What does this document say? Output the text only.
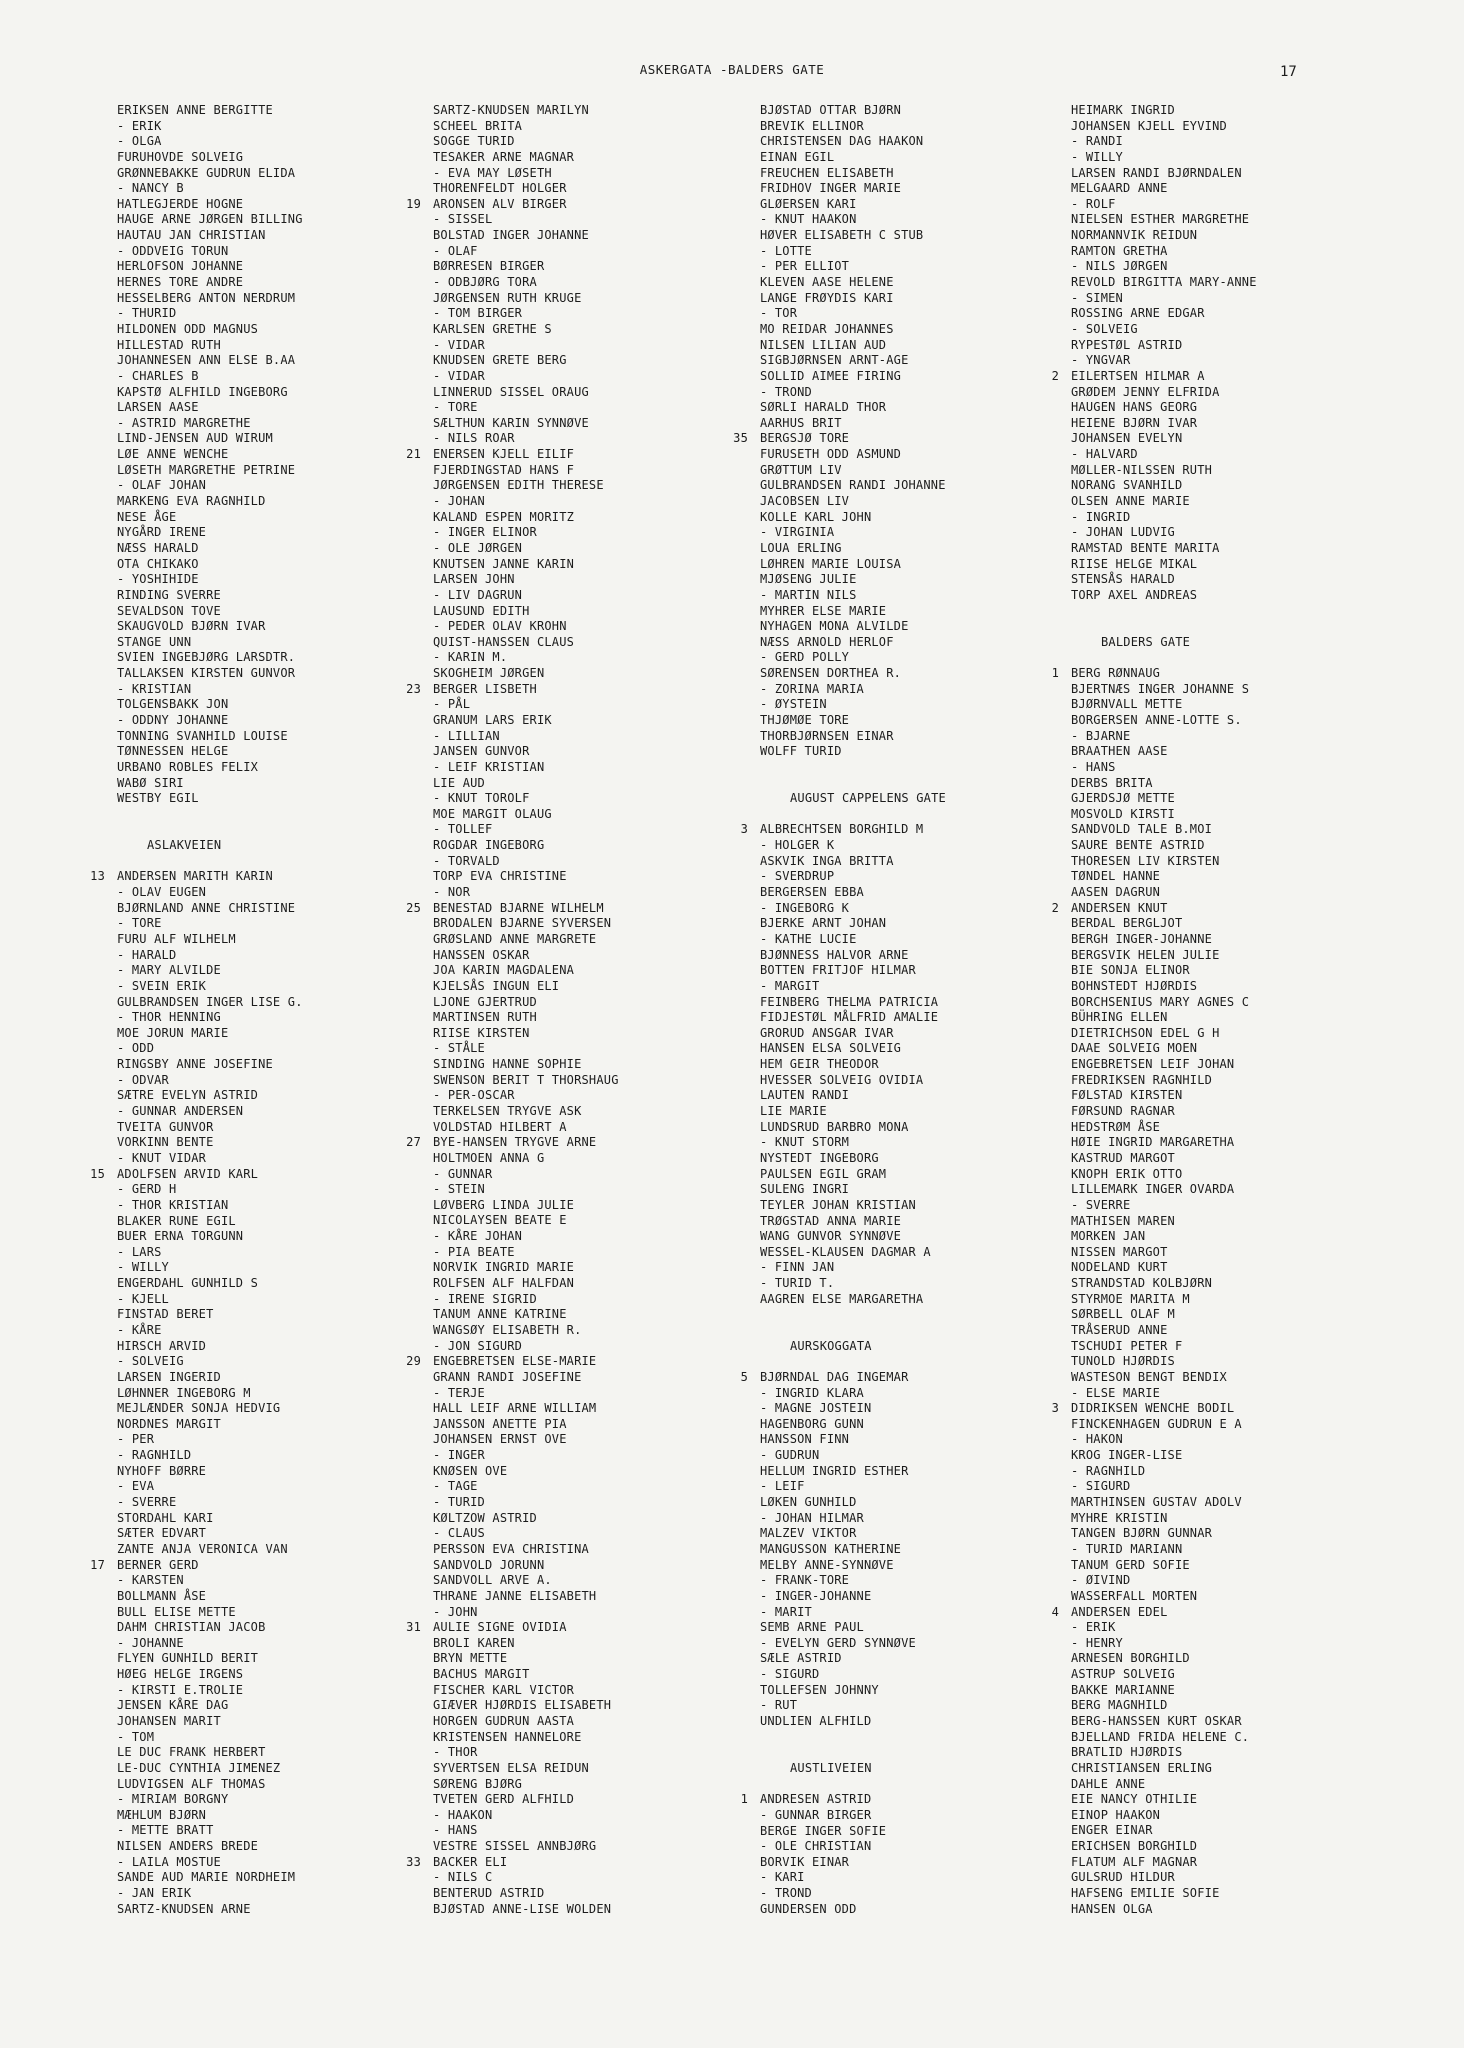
ASKERGATA -BALDERS GATE	17
ERIKSEN ANNE BERGITTE
- ERIK
- OLGA
FURUHOVDE SOLVEIG
GRØNNEBAKKE GUDRUN ELIDA
- NANCY B
HATLEGJERDE HOGNE
HAUGE ARNE JØRGEN BILLING
HAUTAU JAN CHRISTIAN
- ODDVEIG TORUN
HERLOFSON JOHANNE
HERNES TORE ANDRE
HESSELBERG ANTON NERDRUM
- THURID
HILDONEN ODD MAGNUS
HILLESTAD RUTH
JOHANNESEN ANN ELSE B.AA
- CHARLES B
KAPSTØ ALFHILD INGEBORG
LARSEN AASE
- ASTRID MARGRETHE
LIND-JENSEN AUD WIRUM
LØE ANNE WENCHE
LØSETH MARGRETHE PETRINE
- OLAF JOHAN
MARKENG EVA RAGNHILD
NESE ÅGE
NYGÅRD IRENE
NÆSS HARALD
OTA CHIKAKO
- YOSHIHIDE
RINDING SVERRE
SEVALDSON TOVE
SKAUGVOLD BJØRN IVAR
STANGE UNN
SVIEN INGEBJØRG LARSDTR.
TALLAKSEN KIRSTEN GUNVOR
- KRISTIAN
TOLGENSBAKK JON
- ODDNY JOHANNE
TONNING SVANHILD LOUISE
TØNNESSEN HELGE
URBANO ROBLES FELIX
WABØ SIRI
WESTBY EGIL
ASLAKVEIEN
13 ANDERSEN MARITH KARIN
- OLAV EUGEN
BJØRNLAND ANNE CHRISTINE
- TORE
FURU ALF WILHELM
- HARALD
- MARY ALVILDE
- SVEIN ERIK
GULBRANDSEN INGER LISE G.
- THOR HENNING
MOE JORUN MARIE
- ODD
RINGSBY ANNE JOSEFINE
- ODVAR
SÆTRE EVELYN ASTRID
- GUNNAR ANDERSEN
TVEITA GUNVOR
VORKINN BENTE
- KNUT VIDAR
15 ADOLFSEN ARVID KARL
- GERD H
- THOR KRISTIAN
BLAKER RUNE EGIL
BUER ERNA TORGUNN
- LARS
- WILLY
ENGERDAHL GUNHILD S
- KJELL
FINSTAD BERET
- KÅRE
HIRSCH ARVID
- SOLVEIG
LARSEN INGERID
LØHNNER INGEBORG M
MEJLÆNDER SONJA HEDVIG
NORDNES MARGIT
- PER
- RAGNHILD
NYHOFF BØRRE
- EVA
- SVERRE
STORDAHL KARI
SÆTER EDVART
ZANTE ANJA VERONICA VAN
17 BERNER GERD
- KARSTEN
BOLLMANN ÅSE
BULL ELISE METTE
DAHM CHRISTIAN JACOB
- JOHANNE
FLYEN GUNHILD BERIT
HØEG HELGE IRGENS
- KIRSTI E.TROLIE
JENSEN KÅRE DAG
JOHANSEN MARIT
- TOM
LE DUC FRANK HERBERT
LE-DUC CYNTHIA JIMENEZ
LUDVIGSEN ALF THOMAS
- MIRIAM BORGNY
MÆHLUM BJØRN
- METTE BRATT
NILSEN ANDERS BREDE
- LAILA MOSTUE
SANDE AUD MARIE NORDHEIM
- JAN ERIK
SARTZ-KNUDSEN ARNE
SARTZ-KNUDSEN MARILYN
SCHEEL BRITA
SOGGE TURID
TESAKER ARNE MAGNAR
- EVA MAY LØSETH
THORENFELDT HOLGER
19 ARONSEN ALV BIRGER
- SISSEL
BOLSTAD INGER JOHANNE
- OLAF
BØRRESEN BIRGER
- ODBJØRG TORA
JØRGENSEN RUTH KRUGE
- TOM BIRGER
KARLSEN GRETHE S
- VIDAR
KNUDSEN GRETE BERG
- VIDAR
LINNERUD SISSEL ORAUG
- TORE
SÆLTHUN KARIN SYNNØVE
- NILS ROAR
21 ENERSEN KJELL EILIF
FJERDINGSTAD HANS F
JØRGENSEN EDITH THERESE
- JOHAN
KALAND ESPEN MORITZ
- INGER ELINOR
- OLE JØRGEN
KNUTSEN JANNE KARIN
LARSEN JOHN
- LIV DAGRUN
LAUSUND EDITH
- PEDER OLAV KROHN
QUIST-HANSSEN CLAUS
- KARIN M.
SKOGHEIM JØRGEN
23 BERGER LISBETH
- PÅL
GRANUM LARS ERIK
- LILLIAN
JANSEN GUNVOR
- LEIF KRISTIAN
LIE AUD
- KNUT TOROLF
MOE MARGIT OLAUG
- TOLLEF
ROGDAR INGEBORG
- TORVALD
TORP EVA CHRISTINE
- NOR
25 BENESTAD BJARNE WILHELM
BRODALEN BJARNE SYVERSEN
GRØSLAND ANNE MARGRETE
HANSSEN OSKAR
JOA KARIN MAGDALENA
KJELSÅS INGUN ELI
LJONE GJERTRUD
MARTINSEN RUTH
RIISE KIRSTEN
- STÅLE
SINDING HANNE SOPHIE
SWENSON BERIT T THORSHAUG
- PER-OSCAR
TERKELSEN TRYGVE ASK
VOLDSTAD HILBERT A
27 BYE-HANSEN TRYGVE ARNE
HOLTMOEN ANNA G
- GUNNAR
- STEIN
LØVBERG LINDA JULIE
NICOLAYSEN BEATE E
- KÅRE JOHAN
- PIA BEATE
NORVIK INGRID MARIE
ROLFSEN ALF HALFDAN
- IRENE SIGRID
TANUM ANNE KATRINE
WANGSØY ELISABETH R.
- JON SIGURD
29 ENGEBRETSEN ELSE-MARIE
GRANN RANDI JOSEFINE
- TERJE
HALL LEIF ARNE WILLIAM
JANSSON ANETTE PIA
JOHANSEN ERNST OVE
- INGER
KNØSEN OVE
- TAGE
- TURID
KØLTZOW ASTRID
- CLAUS
PERSSON EVA CHRISTINA
SANDVOLD JORUNN
SANDVOLL ARVE A.
THRANE JANNE ELISABETH
- JOHN
31 AULIE SIGNE OVIDIA
BROLI KAREN
BRYN METTE
BACHUS MARGIT
FISCHER KARL VICTOR
GIÆVER HJØRDIS ELISABETH
HORGEN GUDRUN AASTA
KRISTENSEN HANNELORE
- THOR
SYVERTSEN ELSA REIDUN
SØRENG BJØRG
TVETEN GERD ALFHILD
- HAAKON
- HANS
VESTRE SISSEL ANNBJØRG
33 BACKER ELI
- NILS C
BENTERUD ASTRID
BJØSTAD ANNE-LISE WOLDEN
BJØSTAD OTTAR BJØRN
BREVIK ELLINOR
CHRISTENSEN DAG HAAKON
EINAN EGIL
FREUCHEN ELISABETH
FRIDHOV INGER MARIE
GLØERSEN KARI
- KNUT HAAKON
HØVER ELISABETH C STUB
- LOTTE
- PER ELLIOT
KLEVEN AASE HELENE
LANGE FRØYDIS KARI
- TOR
MO REIDAR JOHANNES
NILSEN LILIAN AUD
SIGBJØRNSEN ARNT-AGE
SOLLID AIMEE FIRING
- TROND
SØRLI HARALD THOR
AARHUS BRIT
35 BERGSJØ TORE
FURUSETH ODD ASMUND
GRØTTUM LIV
GULBRANDSEN RANDI JOHANNE
JACOBSEN LIV
KOLLE KARL JOHN
- VIRGINIA
LOUA ERLING
LØHREN MARIE LOUISA
MJØSENG JULIE
- MARTIN NILS
MYHRER ELSE MARIE
NYHAGEN MONA ALVILDE
NÆSS ARNOLD HERLOF
- GERD POLLY
SØRENSEN DORTHEA R.
- ZORINA MARIA
- ØYSTEIN
THJØMØE TORE
THORBJØRNSEN EINAR
WOLFF TURID
AUGUST CAPPELENS GATE
3 ALBRECHTSEN BORGHILD M
- HOLGER K
ASKVIK INGA BRITTA
- SVERDRUP
BERGERSEN EBBA
- INGEBORG K
BJERKE ARNT JOHAN
- KATHE LUCIE
BJØNNESS HALVOR ARNE
BOTTEN FRITJOF HILMAR
- MARGIT
FEINBERG THELMA PATRICIA
FIDJESTØL MÅLFRID AMALIE
GRORUD ANSGAR IVAR
HANSEN ELSA SOLVEIG
HEM GEIR THEODOR
HVESSER SOLVEIG OVIDIA
LAUTEN RANDI
LIE MARIE
LUNDSRUD BARBRO MONA
- KNUT STORM
NYSTEDT INGEBORG
PAULSEN EGIL GRAM
SULENG INGRI
TEYLER JOHAN KRISTIAN
TRØGSTAD ANNA MARIE
WANG GUNVOR SYNNØVE
WESSEL-KLAUSEN DAGMAR A
- FINN JAN
- TURID T.
AAGREN ELSE MARGARETHA
AURSKOGGATA
5 BJØRNDAL DAG INGEMAR
- INGRID KLARA
- MAGNE JOSTEIN
HAGENBORG GUNN
HANSSON FINN
- GUDRUN
HELLUM INGRID ESTHER
- LEIF
LØKEN GUNHILD
- JOHAN HILMAR
MALZEV VIKTOR
MANGUSSON KATHERINE
MELBY ANNE-SYNNØVE
- FRANK-TORE
- INGER-JOHANNE
- MARIT
SEMB ARNE PAUL
- EVELYN GERD SYNNØVE
SÆLE ASTRID
- SIGURD
TOLLEFSEN JOHNNY
- RUT
UNDLIEN ALFHILD
AUSTLIVEIEN
1 ANDRESEN ASTRID
- GUNNAR BIRGER
BERGE INGER SOFIE
- OLE CHRISTIAN
BORVIK EINAR
- KARI
- TROND
GUNDERSEN ODD
HEIMARK INGRID
JOHANSEN KJELL EYVIND
- RANDI
- WILLY
LARSEN RANDI BJØRNDALEN
MELGAARD ANNE
- ROLF
NIELSEN ESTHER MARGRETHE
NORMANNVIK REIDUN
RAMTON GRETHA
- NILS JØRGEN
REVOLD BIRGITTA MARY-ANNE
- SIMEN
ROSSING ARNE EDGAR
- SOLVEIG
RYPESTØL ASTRID
- YNGVAR
2 EILERTSEN HILMAR A
GRØDEM JENNY ELFRIDA
HAUGEN HANS GEORG
HEIENE BJØRN IVAR
JOHANSEN EVELYN
- HALVARD
MØLLER-NILSSEN RUTH
NORANG SVANHILD
OLSEN ANNE MARIE
- INGRID
- JOHAN LUDVIG
RAMSTAD BENTE MARITA
RIISE HELGE MIKAL
STENSÅS HARALD
TORP AXEL ANDREAS
BALDERS GATE
1 BERG RØNNAUG
BJERTNÆS INGER JOHANNE S
BJØRNVALL METTE
BORGERSEN ANNE-LOTTE S.
- BJARNE
BRAATHEN AASE
- HANS
DERBS BRITA
GJERDSJØ METTE
MOSVOLD KIRSTI
SANDVOLD TALE B.MOI
SAURE BENTE ASTRID
THORESEN LIV KIRSTEN
TØNDEL HANNE
AASEN DAGRUN
2 ANDERSEN KNUT
BERDAL BERGLJOT
BERGH INGER-JOHANNE
BERGSVIK HELEN JULIE
BIE SONJA ELINOR
BOHNSTEDT HJØRDIS
BORCHSENIUS MARY AGNES C
BÜHRING ELLEN
DIETRICHSON EDEL G H
DAAE SOLVEIG MOEN
ENGEBRETSEN LEIF JOHAN
FREDRIKSEN RAGNHILD
FØLSTAD KIRSTEN
FØRSUND RAGNAR
HEDSTRØM ÅSE
HØIE INGRID MARGARETHA
KASTRUD MARGOT
KNOPH ERIK OTTO
LILLEMARK INGER OVARDA
- SVERRE
MATHISEN MAREN
MORKEN JAN
NISSEN MARGOT
NODELAND KURT
STRANDSTAD KOLBJØRN
STYRMOE MARITA M
SØRBELL OLAF M
TRÅSERUD ANNE
TSCHUDI PETER F
TUNOLD HJØRDIS
WASTESON BENGT BENDIX
- ELSE MARIE
3 DIDRIKSEN WENCHE BODIL
FINCKENHAGEN GUDRUN E A
- HAKON
KROG INGER-LISE
- RAGNHILD
- SIGURD
MARTHINSEN GUSTAV ADOLV
MYHRE KRISTIN
TANGEN BJØRN GUNNAR
- TURID MARIANN
TANUM GERD SOFIE
- ØIVIND
WASSERFALL MORTEN
4 ANDERSEN EDEL
- ERIK
- HENRY
ARNESEN BORGHILD
ASTRUP SOLVEIG
BAKKE MARIANNE
BERG MAGNHILD
BERG-HANSSEN KURT OSKAR
BJELLAND FRIDA HELENE C.
BRATLID HJØRDIS
CHRISTIANSEN ERLING
DAHLE ANNE
EIE NANCY OTHILIE
EINOP HAAKON
ENGER EINAR
ERICHSEN BORGHILD
FLATUM ALF MAGNAR
GULSRUD HILDUR
HAFSENG EMILIE SOFIE
HANSEN OLGA
